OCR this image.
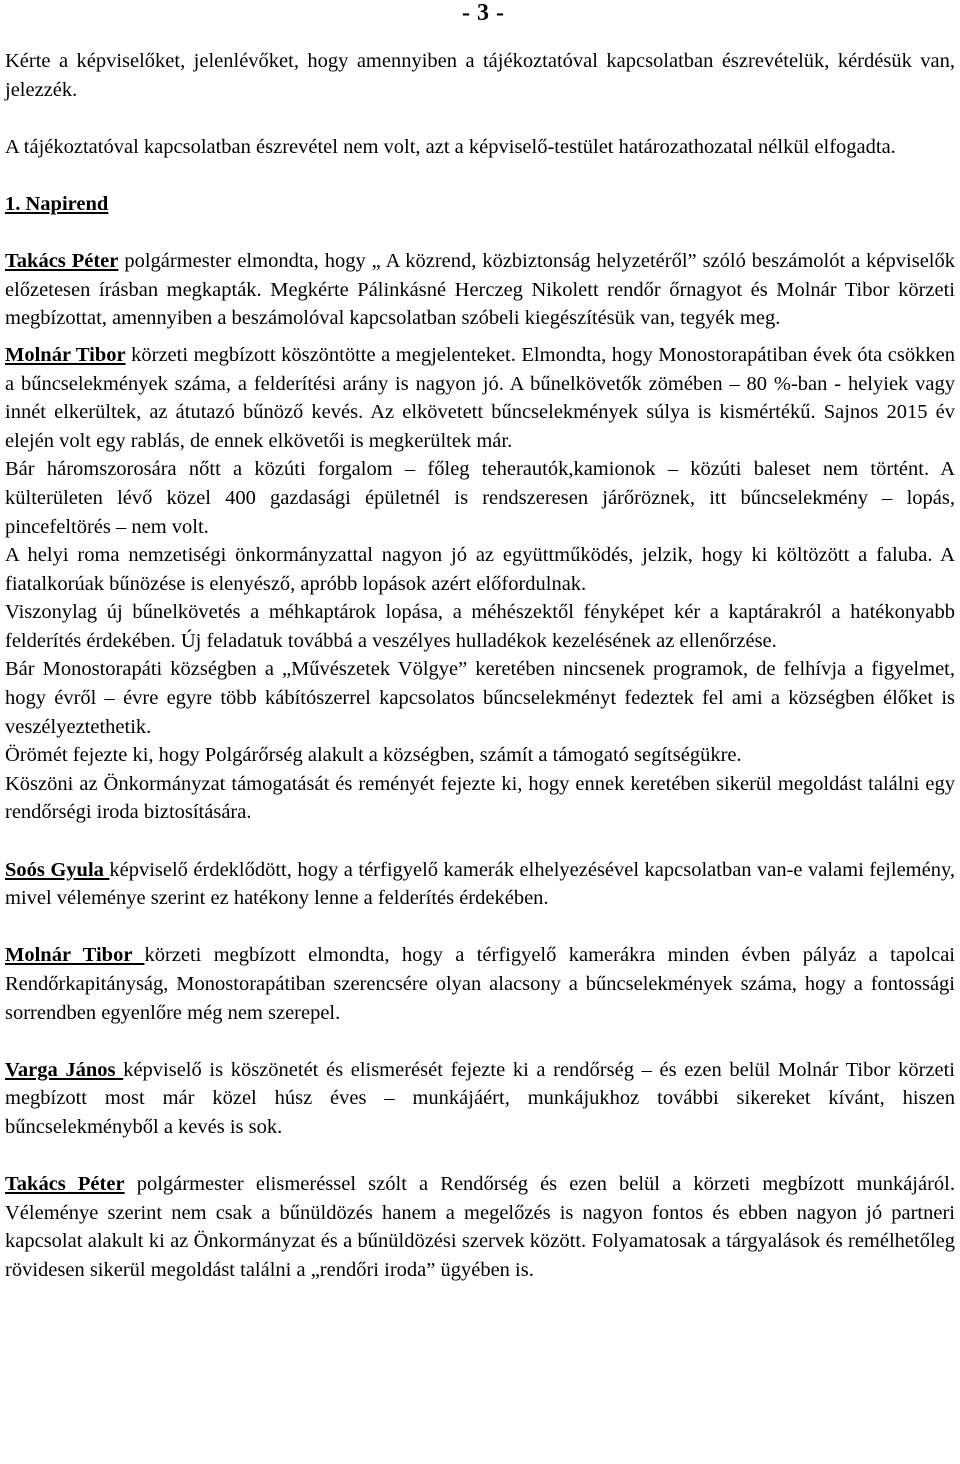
- 3 -

Kérte a képviselőket, jelenlévőket, hogy amennyiben a tájékoztatóval kapcsolatban észrevételük, kérdésük van, jelezzék.

A tájékoztatóval kapcsolatban észrevétel nem volt, azt a képviselő-testület határozathozatal nélkül elfogadta.

1. Napirend

Takács Péter polgármester elmondta, hogy „ A közrend, közbiztonság helyzetéről” szóló beszámolót a képviselők előzetesen írásban megkapták. Megkérte Pálinkásné Herczeg Nikolett rendőr őrnagyot és Molnár Tibor körzeti megbízottat, amennyiben a beszámolóval kapcsolatban szóbeli kiegészítésük van, tegyék meg.

Molnár Tibor körzeti megbízott köszöntötte a megjelenteket. Elmondta, hogy Monostorapátiban évek óta csökken a bűncselekmények száma, a felderítési arány is nagyon jó. A bűnelkövetők zömében – 80 %-ban - helyiek vagy innét elkerültek, az átutazó bűnöző kevés. Az elkövetett bűncselekmények súlya is kismértékű. Sajnos 2015 év elején volt egy rablás, de ennek elkövetői is megkerültek már.

Bár háromszorosára nőtt a közúti forgalom – főleg teherautók,kamionok – közúti baleset nem történt. A külterületen lévő közel 400 gazdasági épületnél is rendszeresen járőröznek, itt bűncselekmény – lopás, pincefeltörés – nem volt.

A helyi roma nemzetiségi önkormányzattal nagyon jó az együttműködés, jelzik, hogy ki költözött a faluba. A fiatalkorúak bűnözése is elenyésző, apróbb lopások azért előfordulnak.

Viszonylag új bűnelkövetés a méhkaptárok lopása, a méhészektől fényképet kér a kaptárakról a hatékonyabb felderítés érdekében. Új feladatuk továbbá a veszélyes hulladékok kezelésének az ellenőrzése.

Bár Monostorapáti községben a „Művészetek Völgye” keretében nincsenek programok, de felhívja a figyelmet, hogy évről – évre egyre több kábítószerrel kapcsolatos bűncselekményt fedeztek fel ami a községben élőket is veszélyeztethetik.

Örömét fejezte ki, hogy Polgárőrség alakult a községben, számít a támogató segítségükre.

Köszöni az Önkormányzat támogatását és reményét fejezte ki, hogy ennek keretében sikerül megoldást találni egy rendőrségi iroda biztosítására.

Soós Gyula képviselő érdeklődött, hogy a térfigyelő kamerák elhelyezésével kapcsolatban van-e valami fejlemény, mivel véleménye szerint ez hatékony lenne a felderítés érdekében.

Molnár Tibor körzeti megbízott elmondta, hogy a térfigyelő kamerákra minden évben pályáz a tapolcai Rendőrkapitányság, Monostorapátiban szerencsére olyan alacsony a bűncselekmények száma, hogy a fontossági sorrendben egyenlőre még nem szerepel.

Varga János képviselő is köszönetét és elismerését fejezte ki a rendőrség – és ezen belül Molnár Tibor körzeti megbízott most már közel húsz éves – munkájáért, munkájukhoz további sikereket kívánt, hiszen bűncselekményből a kevés is sok.

Takács Péter polgármester elismeréssel szólt a Rendőrség és ezen belül a körzeti megbízott munkájáról. Véleménye szerint nem csak a bűnüldözés hanem a megelőzés is nagyon fontos és ebben nagyon jó partneri kapcsolat alakult ki az Önkormányzat és a bűnüldözési szervek között. Folyamatosak a tárgyalások és remélhetőleg rövidesen sikerül megoldást találni a „rendőri iroda” ügyében is.
